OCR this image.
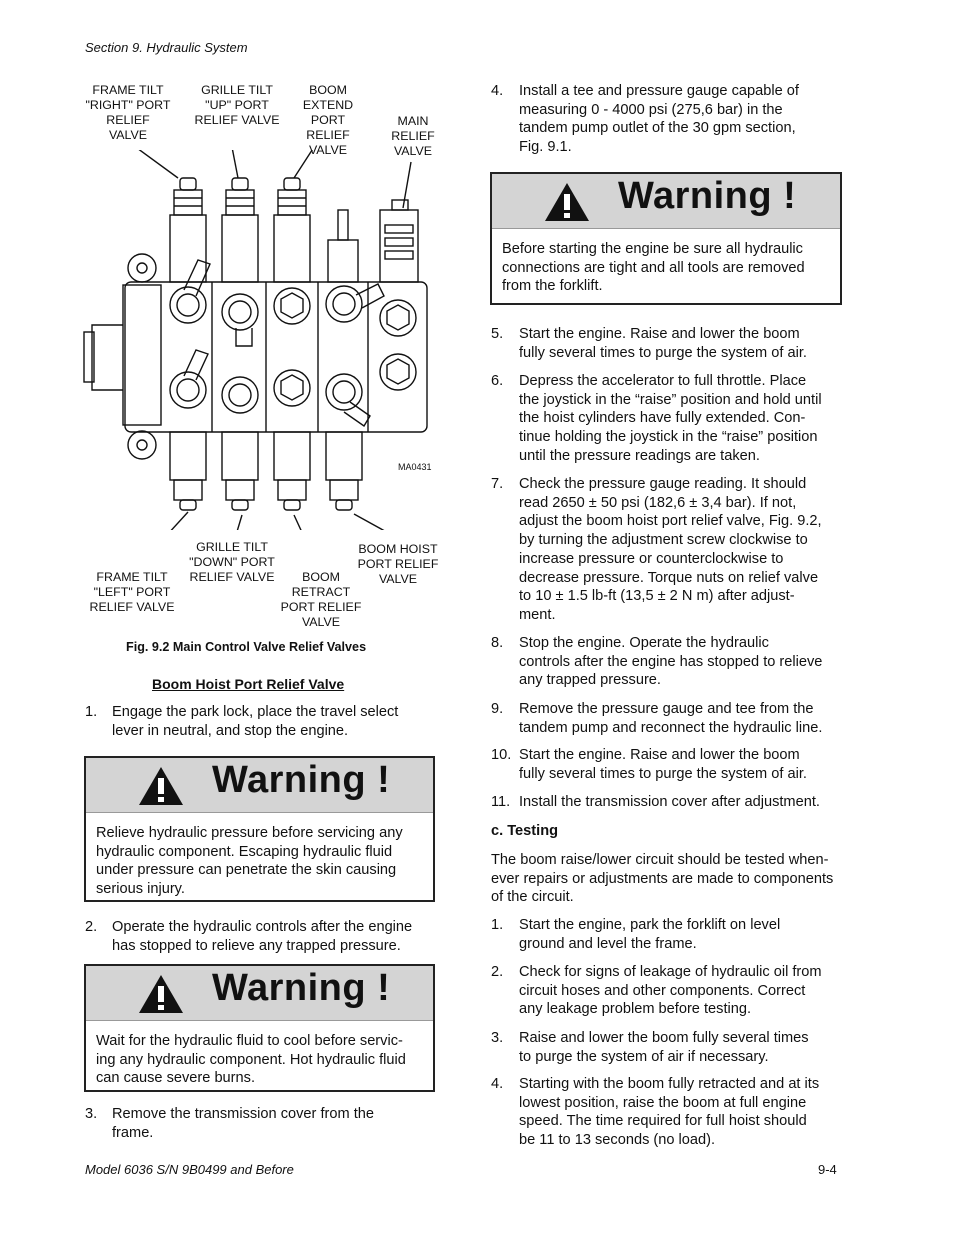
Section 9. Hydraulic System
FRAME TILT
"RIGHT" PORT
RELIEF
VALVE
GRILLE TILT
"UP" PORT
RELIEF VALVE
BOOM
EXTEND
PORT
RELIEF
VALVE
MAIN
RELIEF
VALVE
GRILLE TILT
"DOWN" PORT
RELIEF VALVE
BOOM HOIST
PORT RELIEF
VALVE
FRAME TILT
"LEFT" PORT
RELIEF VALVE
BOOM
RETRACT
PORT RELIEF
VALVE
MA0431
Fig. 9.2 Main Control Valve Relief Valves
Boom Hoist Port Relief Valve
1. Engage the park lock, place the travel select
lever in neutral, and stop the engine.
Warning !
Relieve hydraulic pressure before servicing any
hydraulic component. Escaping hydraulic fluid
under pressure can penetrate the skin causing
serious injury.
2. Operate the hydraulic controls after the engine
has stopped to relieve any trapped pressure.
Warning !
Wait for the hydraulic fluid to cool before servic-
ing any hydraulic component. Hot hydraulic fluid
can cause severe burns.
3. Remove the transmission cover from the
frame.
4. Install a tee and pressure gauge capable of
measuring 0 - 4000 psi (275,6 bar) in the
tandem pump outlet of the 30 gpm section,
Fig. 9.1.
Warning !
Before starting the engine be sure all hydraulic
connections are tight and all tools are removed
from the forklift.
5. Start the engine. Raise and lower the boom
fully several times to purge the system of air.
6. Depress the accelerator to full throttle. Place
the joystick in the “raise” position and hold until
the hoist cylinders have fully extended. Con-
tinue holding the joystick in the “raise” position
until the pressure readings are taken.
7. Check the pressure gauge reading. It should
read 2650 ± 50 psi (182,6 ± 3,4 bar). If not,
adjust the boom hoist port relief valve, Fig. 9.2,
by turning the adjustment screw clockwise to
increase pressure or counterclockwise to
decrease pressure. Torque nuts on relief valve
to 10 ± 1.5 lb-ft (13,5 ± 2 N m) after adjust-
ment.
8. Stop the engine. Operate the hydraulic
controls after the engine has stopped to relieve
any trapped pressure.
9. Remove the pressure gauge and tee from the
tandem pump and reconnect the hydraulic line.
10. Start the engine. Raise and lower the boom
fully several times to purge the system of air.
11. Install the transmission cover after adjustment.
c. Testing
The boom raise/lower circuit should be tested when-
ever repairs or adjustments are made to components
of the circuit.
1. Start the engine, park the forklift on level
ground and level the frame.
2. Check for signs of leakage of hydraulic oil from
circuit hoses and other components. Correct
any leakage problem before testing.
3. Raise and lower the boom fully several times
to purge the system of air if necessary.
4. Starting with the boom fully retracted and at its
lowest position, raise the boom at full engine
speed. The time required for full hoist should
be 11 to 13 seconds (no load).
Model 6036 S/N 9B0499 and Before	9-4
